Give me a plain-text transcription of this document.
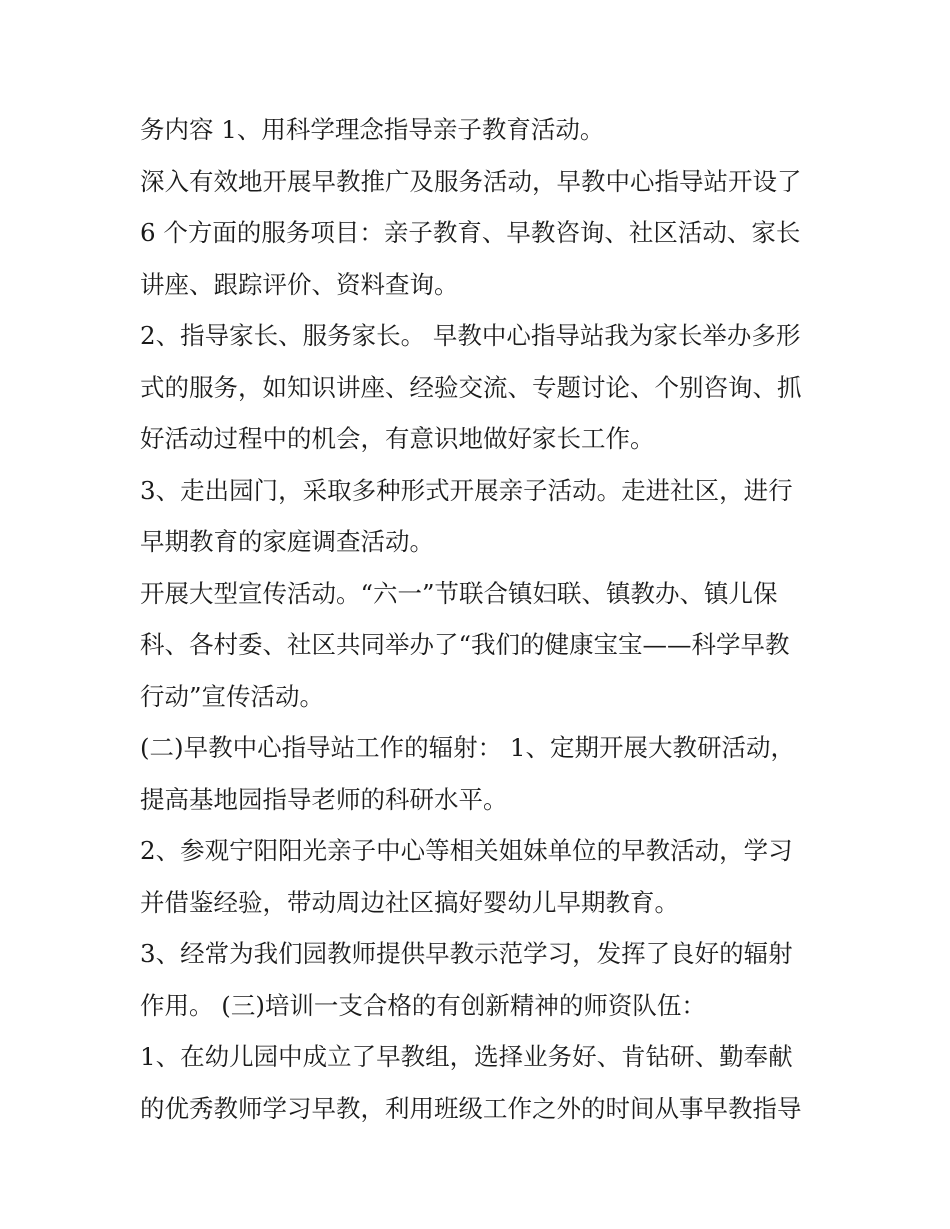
务内容 1、用科学理念指导亲子教育活动。
深入有效地开展早教推广及服务活动，早教中心指导站开设了
6 个方面的服务项目：亲子教育、早教咨询、社区活动、家长
讲座、跟踪评价、资料查询。
2、指导家长、服务家长。 早教中心指导站我为家长举办多形
式的服务，如知识讲座、经验交流、专题讨论、个别咨询、抓
好活动过程中的机会，有意识地做好家长工作。
3、走出园门，采取多种形式开展亲子活动。走进社区，进行
早期教育的家庭调查活动。
开展大型宣传活动。“六一”节联合镇妇联、镇教办、镇儿保
科、各村委、社区共同举办了“我们的健康宝宝——科学早教
行动”宣传活动。
(二)早教中心指导站工作的辐射： 1、定期开展大教研活动，
提高基地园指导老师的科研水平。
2、参观宁阳阳光亲子中心等相关姐妹单位的早教活动，学习
并借鉴经验，带动周边社区搞好婴幼儿早期教育。
3、经常为我们园教师提供早教示范学习，发挥了良好的辐射
作用。 (三)培训一支合格的有创新精神的师资队伍：
1、在幼儿园中成立了早教组，选择业务好、肯钻研、勤奉献
的优秀教师学习早教，利用班级工作之外的时间从事早教指导
